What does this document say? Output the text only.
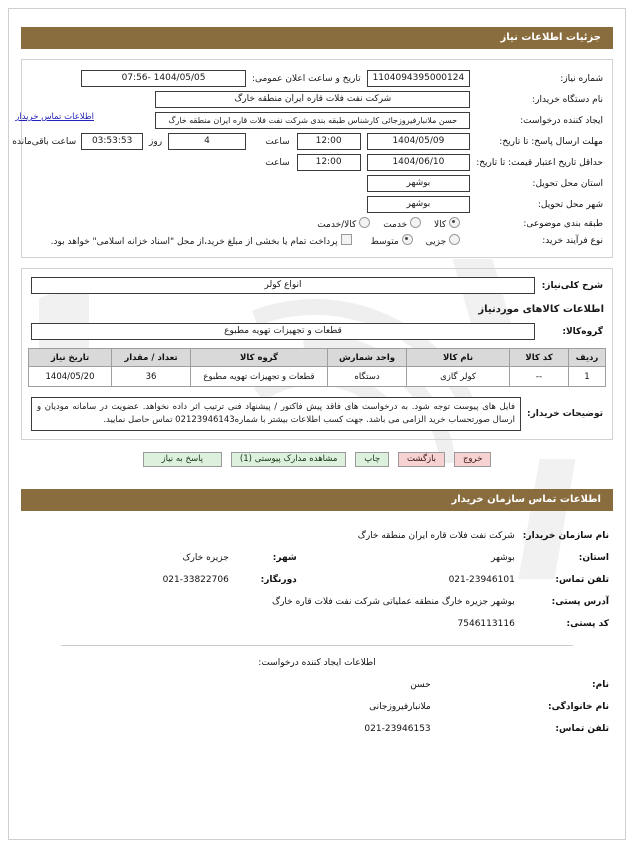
جزئیات اطلاعات نیاز
شماره نیاز:	1104094395000124	تاریخ و ساعت اعلان عمومی:	1404/05/05 -07:56	

نام دستگاه خریدار:	شرکت نفت فلات قاره ایران منطقه خارگ			

ایجاد کننده درخواست:	حسن ملانبارفیروزجائی کارشناس طبقه بندی شرکت نفت فلات قاره ایران منطقه خارگ
اطلاعات تماس خریدار			

مهلت ارسال پاسخ: تا تاریخ:	1404/05/09	12:00 ساعت	4 روز 03:53:53	ساعت باقی‌مانده
حداقل تاریخ اعتبار قیمت: تا تاریخ:	1404/06/10	12:00 ساعت		
استان محل تحویل:	بوشهر			

شهر محل تحویل:	بوشهر			

طبقه بندی موضوعی:	کالا خدمت کالا/خدمت			
نوع فرآیند خرید:	جزیی متوسط پرداخت تمام یا بخشی از مبلغ خرید،از محل "اسناد خزانه اسلامی" خواهد بود.			
شرح کلی‌نیاز:	
انواع کولر
اطلاعات کالاهای موردنیاز
گروه‌کالا:	
قطعات و تجهیزات تهویه مطبوع
ردیف	کد کالا	نام کالا	واحد شمارش	گروه کالا	تعداد / مقدار	تاریخ نیاز
1	--	کولر گازی	دستگاه	قطعات و تجهیزات تهویه مطبوع	36	1404/05/20
توضیحات خریدار:	
فایل های پیوست توجه شود. به درخواست های فاقد پیش فاکتور / پیشنهاد فنی ترتیب اثر داده نخواهد. عضویت در سامانه مودیان و ارسال صورتحساب خرید الزامی می باشد. جهت کسب اطلاعات بیشتر با شماره02123946143 تماس حاصل نمایید.
خروج بازگشت چاپ مشاهده مدارک پیوستی (1) پاسخ به نیاز
اطلاعات تماس سازمان خریدار
نام سازمان خریدار:	شرکت نفت فلات قاره ایران منطقه خارگ		
استان:	بوشهر	شهر:	جزیره خارک
تلفن تماس:	021-23946101	دورنگار:	021-33822706
آدرس پستی:	بوشهر جزیره خارگ منطقه عملیاتی شرکت نفت فلات قاره خارگ		
کد پستی:	7546113116		
اطلاعات ایجاد کننده درخواست:
نام:	حسن
نام خانوادگی:	ملانبارفیروزجانی
تلفن تماس:	021-23946153
